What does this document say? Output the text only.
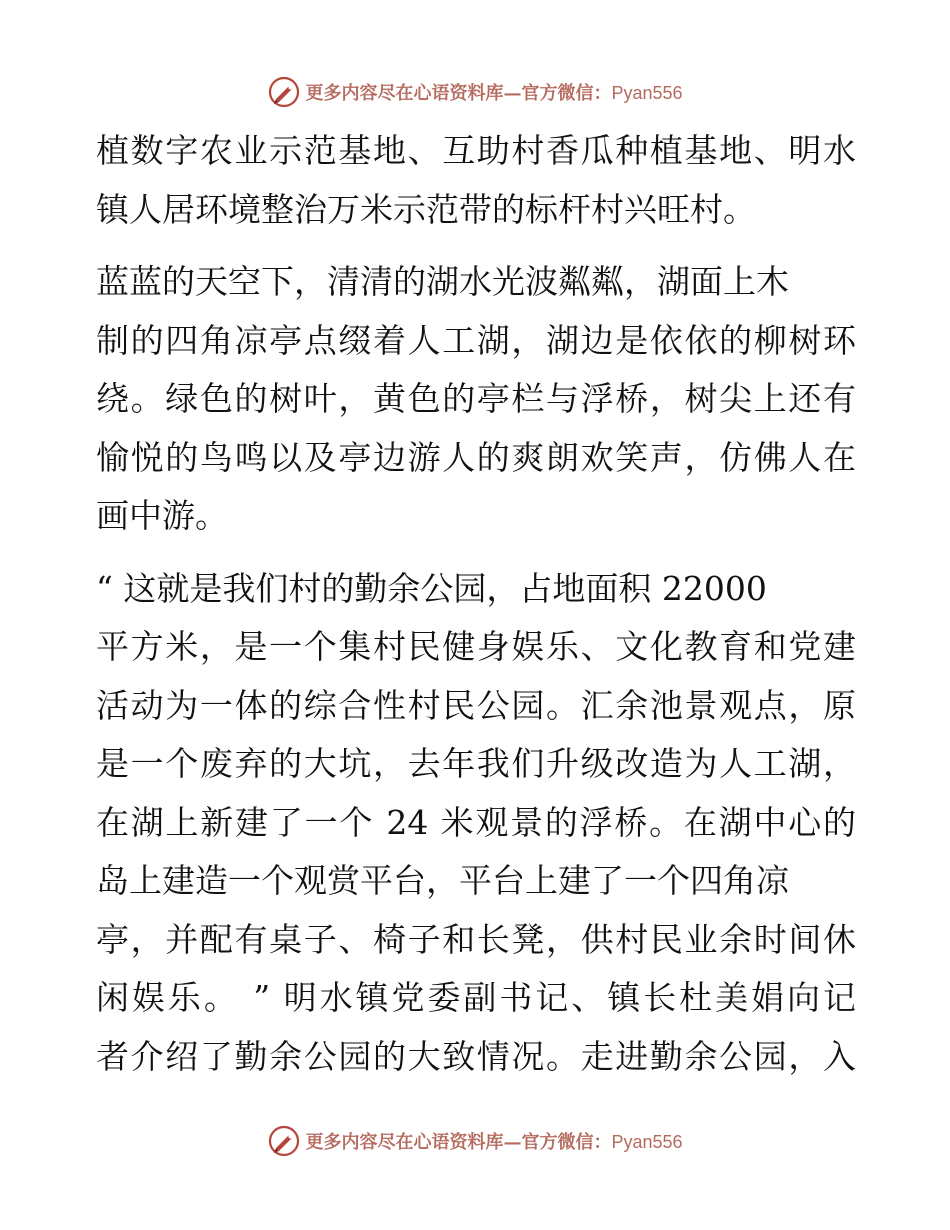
更多内容尽在心语资料库—官方微信：Pyan556
植数字农业示范基地、互助村香瓜种植基地、明水
镇人居环境整治万米示范带的标杆村兴旺村。
蓝蓝的天空下，清清的湖水光波粼粼，湖面上木
制的四角凉亭点缀着人工湖，湖边是依依的柳树环
绕。绿色的树叶，黄色的亭栏与浮桥，树尖上还有
愉悦的鸟鸣以及亭边游人的爽朗欢笑声，仿佛人在
画中游。
“ 这就是我们村的勤余公园，占地面积 22000
平方米，是一个集村民健身娱乐、文化教育和党建
活动为一体的综合性村民公园。汇余池景观点，原
是一个废弃的大坑，去年我们升级改造为人工湖，
在湖上新建了一个 24 米观景的浮桥。在湖中心的
岛上建造一个观赏平台，平台上建了一个四角凉
亭，并配有桌子、椅子和长凳，供村民业余时间休
闲娱乐。 ” 明水镇党委副书记、镇长杜美娟向记
者介绍了勤余公园的大致情况。走进勤余公园，入
更多内容尽在心语资料库—官方微信：Pyan556
